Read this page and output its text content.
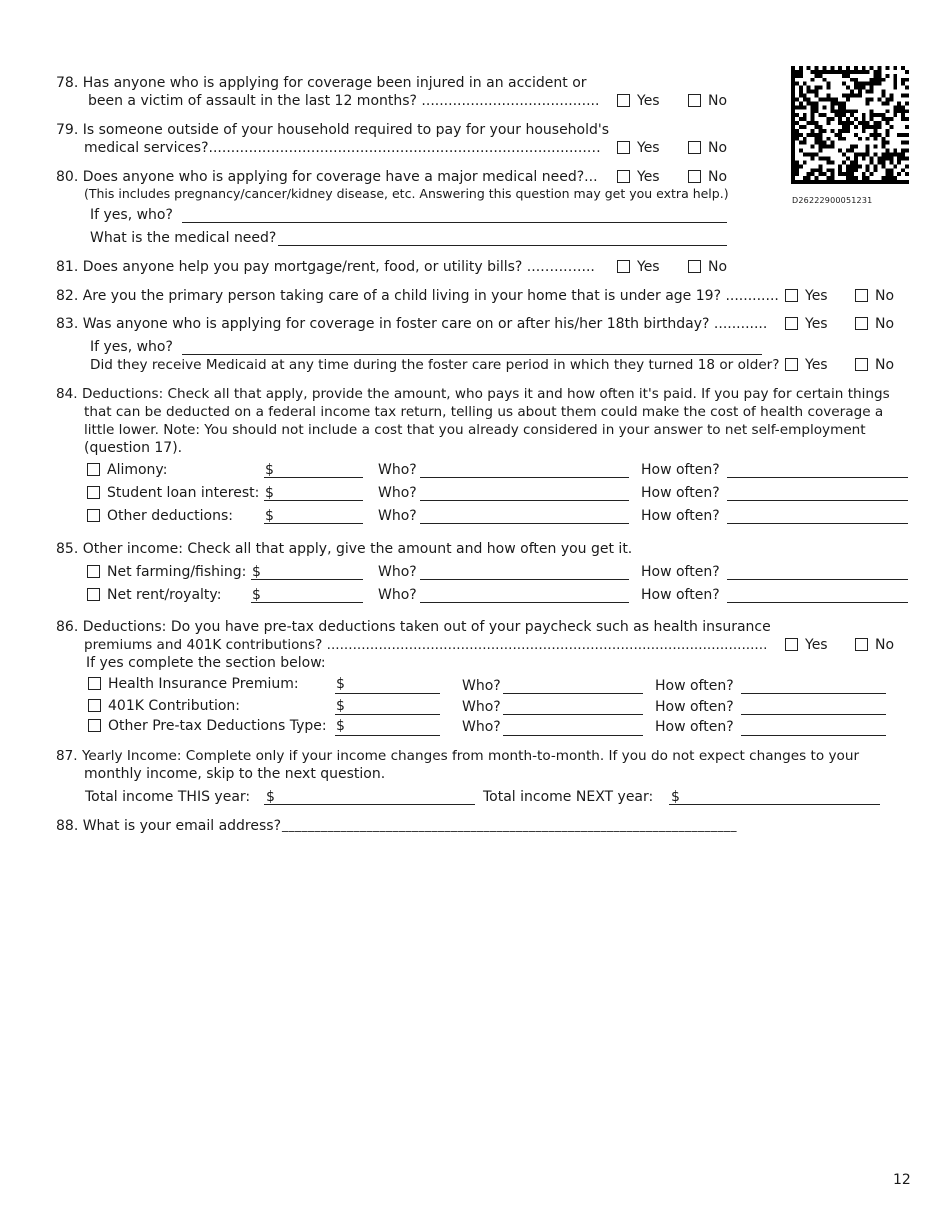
D26222900051231
78. Has anyone who is applying for coverage been injured in an accident or
been a victim of assault in the last 12 months? ........................................	Yes	No
79. Is someone outside of your household required to pay for your household's
medical services?.....................................................................................…	Yes	No
80. Does anyone who is applying for coverage have a major medical need?...	Yes	No
(This includes pregnancy/cancer/kidney disease, etc. Answering this question may get you extra help.)
If yes, who?
What is the medical need?
81. Does anyone help you pay mortgage/rent, food, or utility bills? ...…..…....	Yes	No
82. Are you the primary person taking care of a child living in your home that is under age 19? ............ Yes	No
83. Was anyone who is applying for coverage in foster care on or after his/her 18th birthday? ............	Yes	No
If yes, who?
Did they receive Medicaid at any time during the foster care period in which they turned 18 or older? Yes	No
84. Deductions: Check all that apply, provide the amount, who pays it and how often it's paid. If you pay for certain things
that can be deducted on a federal income tax return, telling us about them could make the cost of health coverage a
little lower. Note: You should not include a cost that you already considered in your answer to net self-employment
(question 17).
Alimony:	$	Who?	How often?
Student loan interest: $	Who?	How often?
Other deductions: $	Who?	How often?
85. Other income: Check all that apply, give the amount and how often you get it.
Net farming/fishing: $	Who?	How often?
Net rent/royalty: $	Who?	How often?
86. Deductions: Do you have pre-tax deductions taken out of your paycheck such as health insurance
premiums and 401K contributions? ......................................................................................................	Yes	No
If yes complete the section below:
Health Insurance Premium:	$	Who?	How often?
401K Contribution:	$	Who?	How often?
Other Pre-tax Deductions Type: $	Who?	How often?
87. Yearly Income: Complete only if your income changes from month-to-month. If you do not expect changes to your
monthly income, skip to the next question.
Total income THIS year: $	Total income NEXT year: $
88. What is your email address? ______________________________________________________________________
12
